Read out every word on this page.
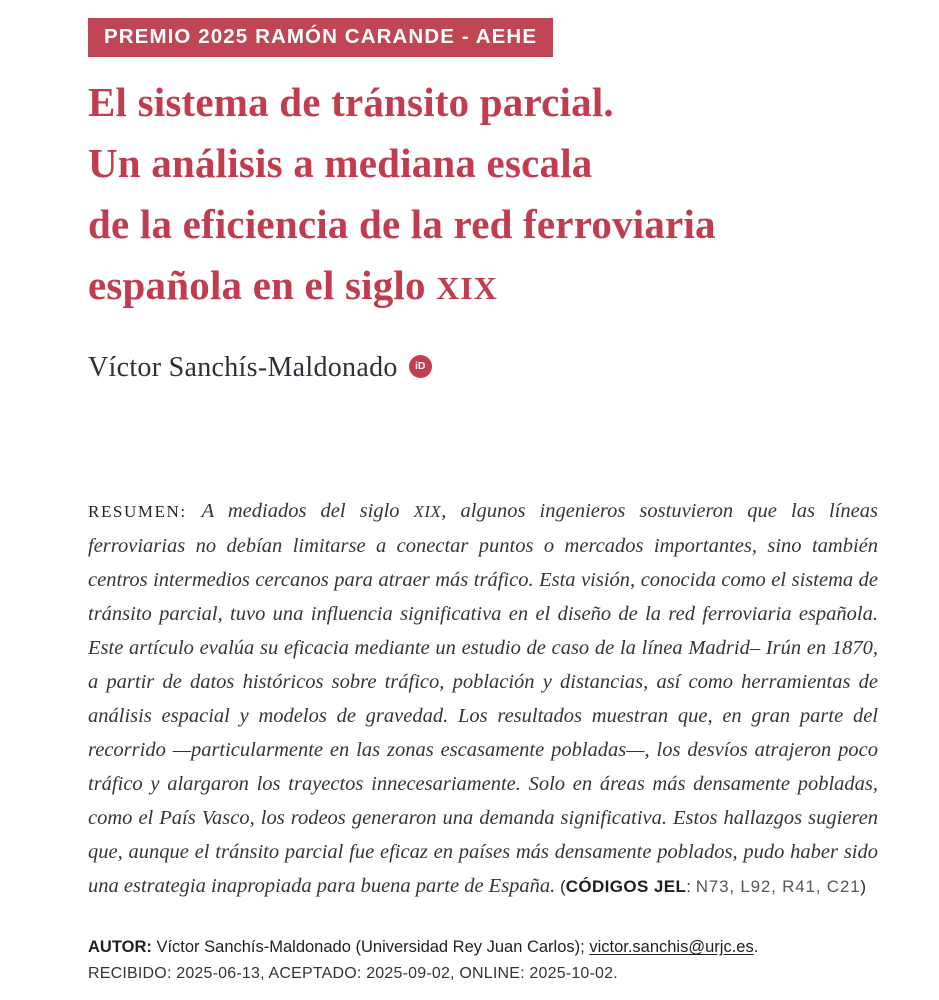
PREMIO 2025 RAMÓN CARANDE - AEHE
El sistema de tránsito parcial.
Un análisis a mediana escala
de la eficiencia de la red ferroviaria
española en el siglo XIX
Víctor Sanchís-Maldonado iD

RESUMEN: A mediados del siglo XIX, algunos ingenieros sostuvieron que las líneas ferroviarias no debían limitarse a conectar puntos o mercados importantes, sino también centros intermedios cercanos para atraer más tráfico. Esta visión, conocida como el sistema de tránsito parcial, tuvo una influencia significativa en el diseño de la red ferroviaria española. Este artículo evalúa su eficacia mediante un estudio de caso de la línea Madrid– Irún en 1870, a partir de datos históricos sobre tráfico, población y distancias, así como herramientas de análisis espacial y modelos de gravedad. Los resultados muestran que, en gran parte del recorrido —particularmente en las zonas escasamente pobladas—, los desvíos atrajeron poco tráfico y alargaron los trayectos innecesariamente. Solo en áreas más densamente pobladas, como el País Vasco, los rodeos generaron una demanda significativa. Estos hallazgos sugieren que, aunque el tránsito parcial fue eficaz en países más densamente poblados, pudo haber sido una estrategia inapropiada para buena parte de España. (CÓDIGOS JEL: N73, L92, R41, C21)

AUTOR: Víctor Sanchís-Maldonado (Universidad Rey Juan Carlos); victor.sanchis@urjc.es.

RECIBIDO: 2025-06-13, ACEPTADO: 2025-09-02, ONLINE: 2025-10-02.
